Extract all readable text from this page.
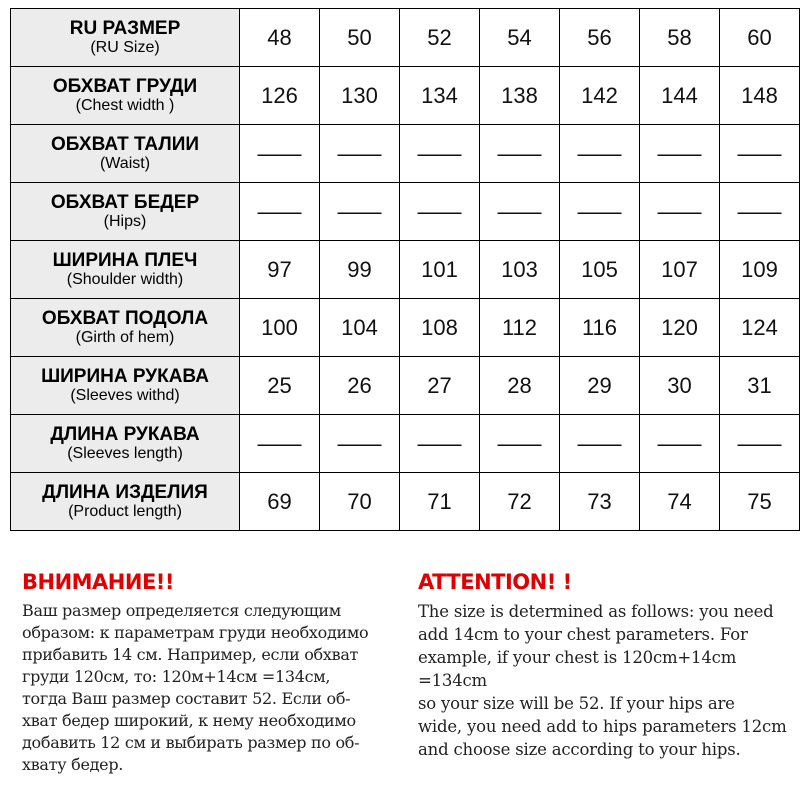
RU РАЗМЕР
(RU Size)	48	50	52	54	56	58	60

ОБХВАТ ГРУДИ
(Chest width )	126	130	134	138	142	144	148

ОБХВАТ ТАЛИИ
(Waist)	——	——	——	——	——	——	——

ОБХВАТ БЕДЕР
(Hips)	——	——	——	——	——	——	——

ШИРИНА ПЛЕЧ
(Shoulder width)	97	99	101	103	105	107	109

ОБХВАТ ПОДОЛА
(Girth of hem)	100	104	108	112	116	120	124

ШИРИНА РУКАВА
(Sleeves withd)	25	26	27	28	29	30	31

ДЛИНА РУКАВА
(Sleeves length)	——	——	——	——	——	——	——

ДЛИНА ИЗДЕЛИЯ
(Product length)	69	70	71	72	73	74	75
ВНИМАНИЕ!!

Ваш размер определяется следующим
образом: к параметрам груди необходимо
прибавить 14 см. Например, если обхват
груди 120см, то: 120м+14см =134см,
тогда Ваш размер составит 52. Если об-
хват бедер широкий, к нему необходимо
добавить 12 см и выбирать размер по об-
хвату бедер.

ATTENTION! !

The size is determined as follows: you need
add 14cm to your chest parameters. For
example, if your chest is 120cm+14cm =134cm
so your size will be 52. If your hips are
wide, you need add to hips parameters 12cm
and choose size according to your hips.
